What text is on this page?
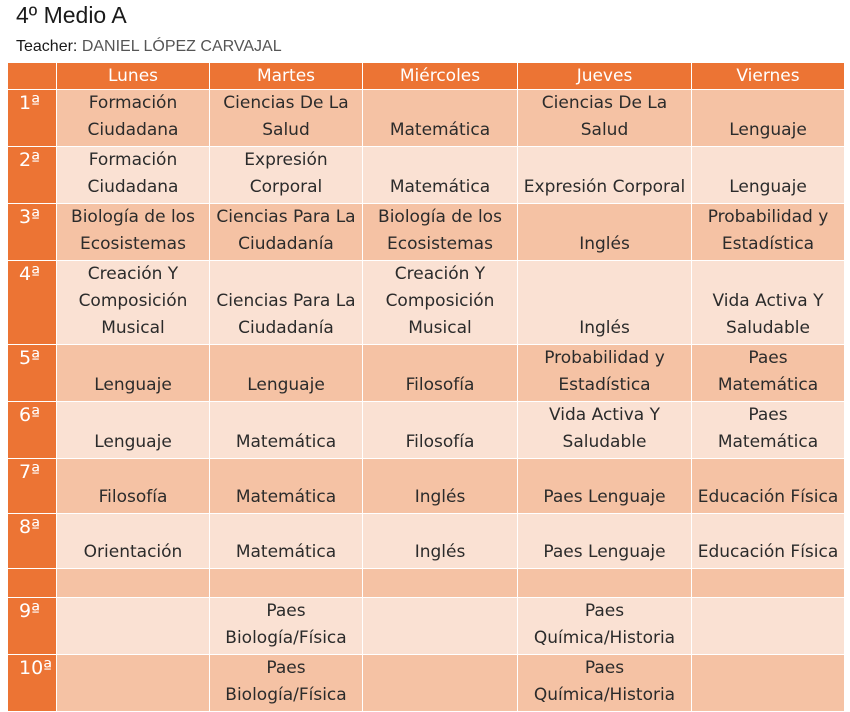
4º Medio A
Teacher: DANIEL LÓPEZ CARVAJAL
	Lunes	Martes	Miércoles	Jueves	Viernes
1ª	Formación Ciudadana	Ciencias De La Salud	Matemática	Ciencias De La Salud	Lenguaje
2ª	Formación Ciudadana	Expresión Corporal	Matemática	Expresión Corporal	Lenguaje
3ª	Biología de los Ecosistemas	Ciencias Para La Ciudadanía	Biología de los Ecosistemas	Inglés	Probabilidad y Estadística
4ª	Creación Y Composición Musical	Ciencias Para La Ciudadanía	Creación Y Composición Musical	Inglés	Vida Activa Y Saludable
5ª	Lenguaje	Lenguaje	Filosofía	Probabilidad y Estadística	Paes Matemática
6ª	Lenguaje	Matemática	Filosofía	Vida Activa Y Saludable	Paes Matemática
7ª	Filosofía	Matemática	Inglés	Paes Lenguaje	Educación Física
8ª	Orientación	Matemática	Inglés	Paes Lenguaje	Educación Física

9ª		Paes Biología/Física		Paes Química/Historia	
10ª		Paes Biología/Física		Paes Química/Historia	
